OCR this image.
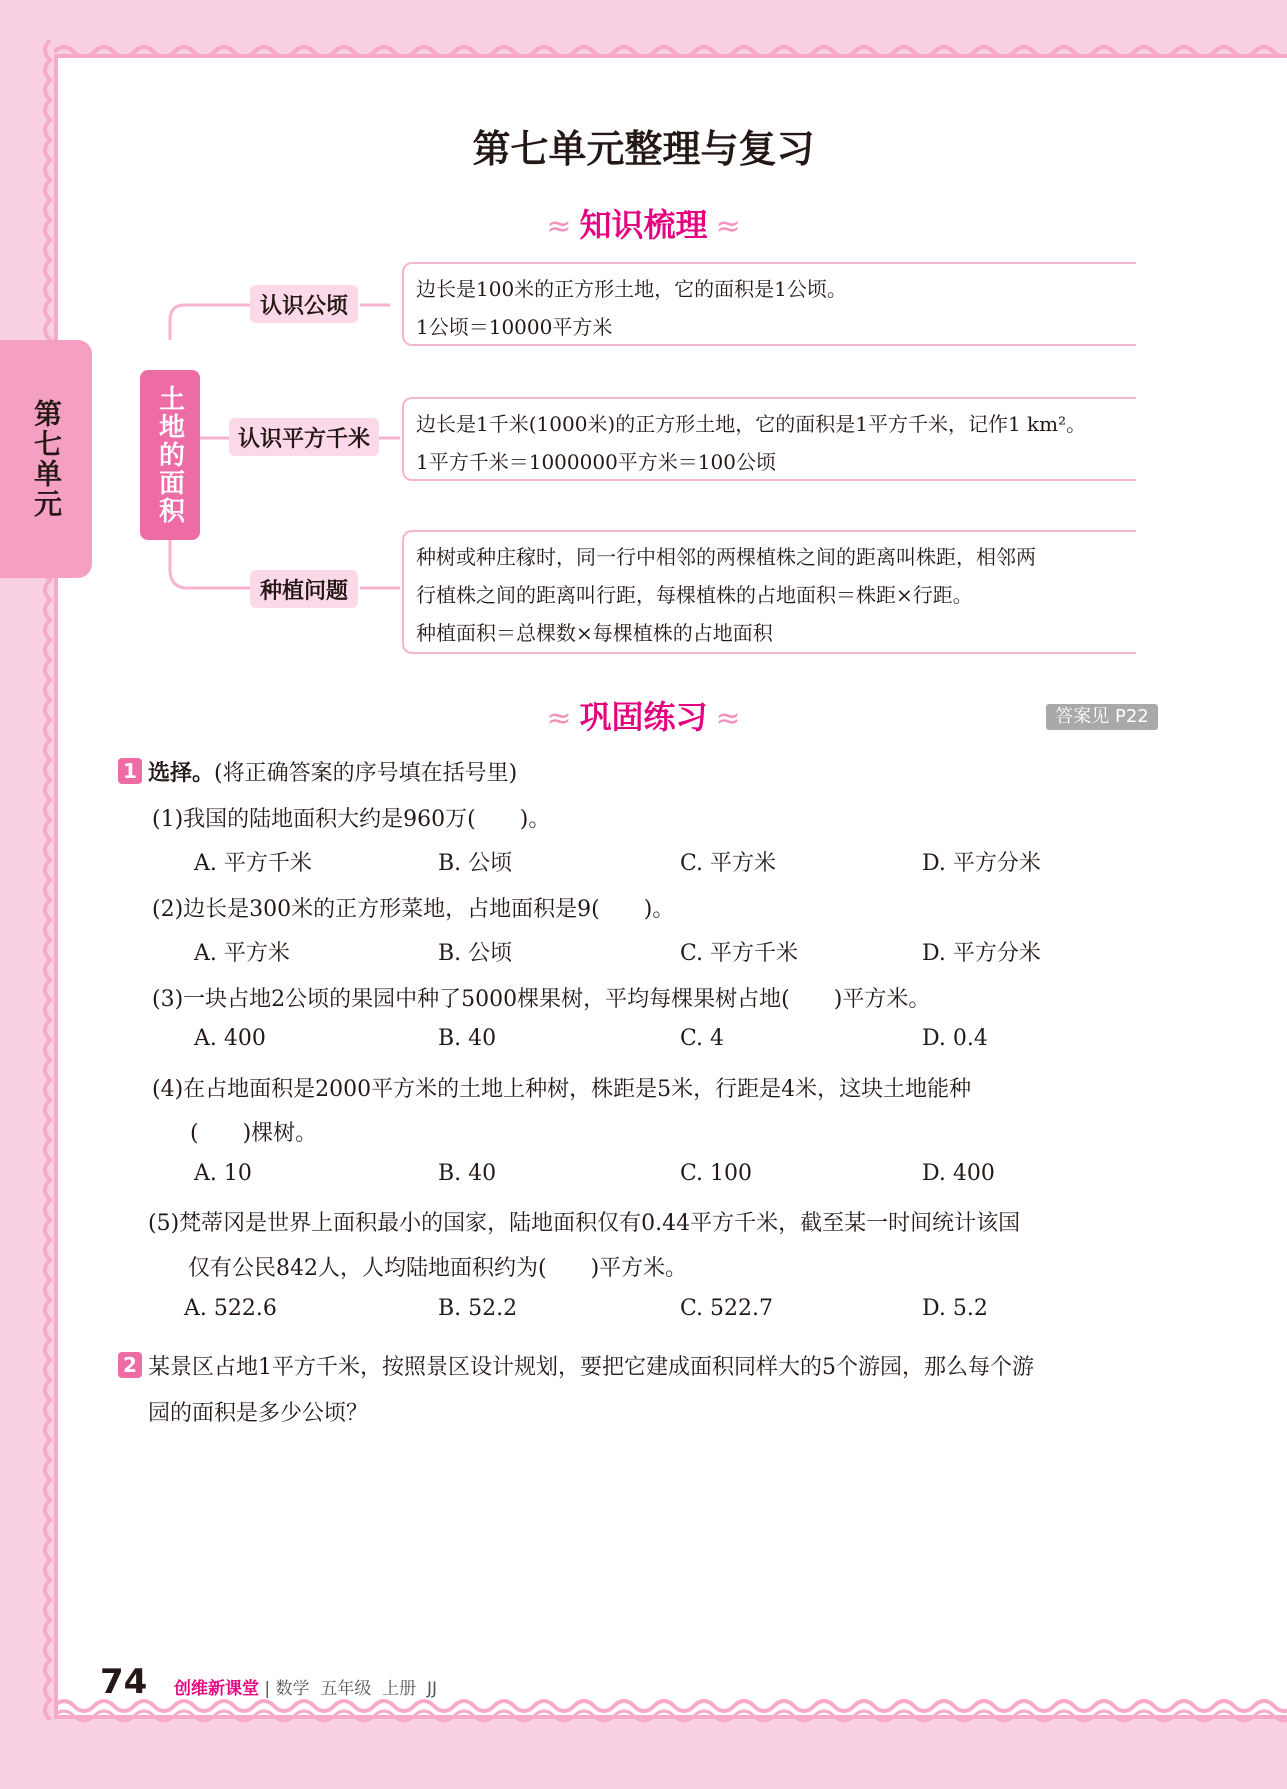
第七单元
第七单元整理与复习
≈ 知识梳理 ≈
土地的面积
认识公顷
认识平方千米
种植问题
边长是100米的正方形土地，它的面积是1公顷。
1公顷＝10000平方米
边长是1千米(1000米)的正方形土地，它的面积是1平方千米，记作1 km²。
1平方千米＝1000000平方米＝100公顷
种树或种庄稼时，同一行中相邻的两棵植株之间的距离叫株距，相邻两
行植株之间的距离叫行距，每棵植株的占地面积＝株距×行距。
种植面积＝总棵数×每棵植株的占地面积
≈ 巩固练习 ≈	答案见 P22
1 选择。(将正确答案的序号填在括号里)
(1)我国的陆地面积大约是960万(　　)。
A. 平方千米	B. 公顷	C. 平方米	D. 平方分米
(2)边长是300米的正方形菜地，占地面积是9(　　)。
A. 平方米	B. 公顷	C. 平方千米	D. 平方分米
(3)一块占地2公顷的果园中种了5000棵果树，平均每棵果树占地(　　)平方米。
A. 400	B. 40	C. 4	D. 0.4
(4)在占地面积是2000平方米的土地上种树，株距是5米，行距是4米，这块土地能种
(　　)棵树。
A. 10	B. 40	C. 100	D. 400
(5)梵蒂冈是世界上面积最小的国家，陆地面积仅有0.44平方千米，截至某一时间统计该国
仅有公民842人，人均陆地面积约为(　　)平方米。
A. 522.6	B. 52.2	C. 522.7	D. 5.2
2 某景区占地1平方千米，按照景区设计规划，要把它建成面积同样大的5个游园，那么每个游
园的面积是多少公顷？
74 创维新课堂 | 数学 五年级 上册 JJ
